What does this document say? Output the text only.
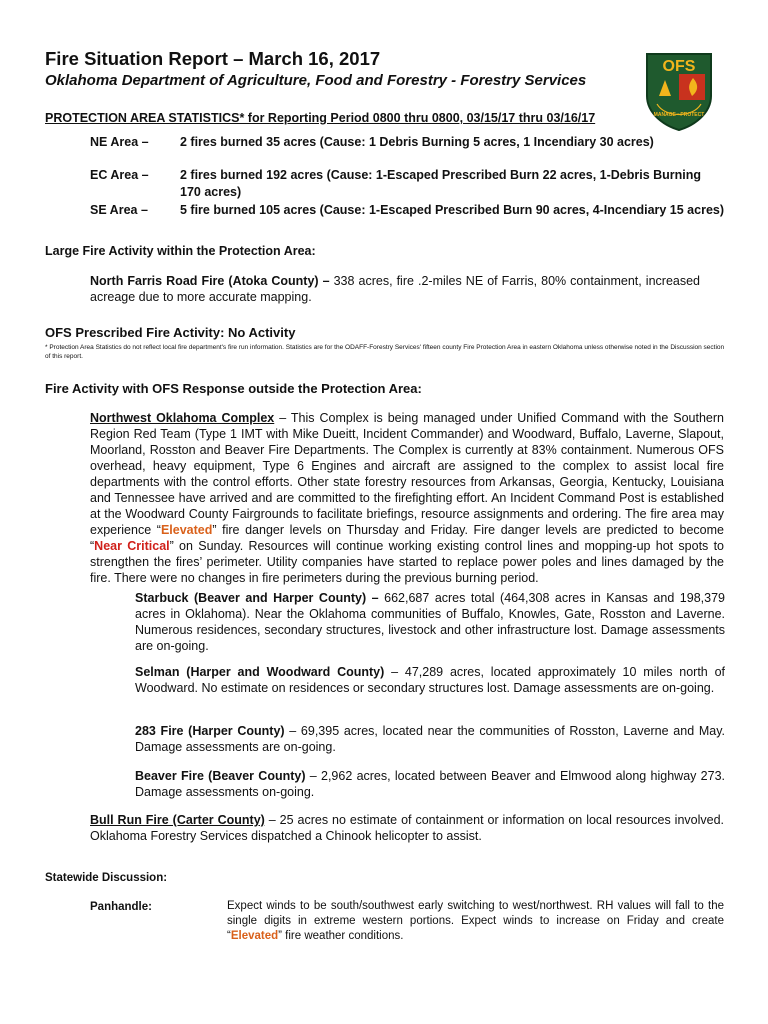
Fire Situation Report – March 16, 2017
Oklahoma Department of Agriculture, Food and Forestry - Forestry Services
OFS
MANAGE • PROTECT
PROTECTION AREA STATISTICS* for Reporting Period 0800 thru 0800, 03/15/17 thru 03/16/17
NE Area –	2 fires burned 35 acres (Cause: 1 Debris Burning 5 acres, 1 Incendiary 30 acres)
EC Area –	2 fires burned 192 acres (Cause: 1-Escaped Prescribed Burn 22 acres, 1-Debris Burning 170 acres)
SE Area –	5 fire burned 105 acres (Cause: 1-Escaped Prescribed Burn 90 acres, 4-Incendiary 15 acres)
Large Fire Activity within the Protection Area:
North Farris Road Fire (Atoka County) – 338 acres, fire .2-miles NE of Farris, 80% containment, increased acreage due to more accurate mapping.
OFS Prescribed Fire Activity: No Activity
* Protection Area Statistics do not reflect local fire department's fire run information. Statistics are for the ODAFF-Forestry Services' fifteen county Fire Protection Area in eastern Oklahoma unless otherwise noted in the Discussion section of this report.
Fire Activity with OFS Response outside the Protection Area:
Northwest Oklahoma Complex – This Complex is being managed under Unified Command with the Southern Region Red Team (Type 1 IMT with Mike Dueitt, Incident Commander) and Woodward, Buffalo, Laverne, Slapout, Moorland, Rosston and Beaver Fire Departments. The Complex is currently at 83% containment. Numerous OFS overhead, heavy equipment, Type 6 Engines and aircraft are assigned to the complex to assist local fire departments with the control efforts. Other state forestry resources from Arkansas, Georgia, Kentucky, Louisiana and Tennessee have arrived and are committed to the firefighting effort. An Incident Command Post is established at the Woodward County Fairgrounds to facilitate briefings, resource assignments and ordering. The fire area may experience “Elevated” fire danger levels on Thursday and Friday. Fire danger levels are predicted to become “Near Critical” on Sunday. Resources will continue working existing control lines and mopping-up hot spots to strengthen the fires’ perimeter. Utility companies have started to replace power poles and lines damaged by the fire. There were no changes in fire perimeters during the previous burning period.
Starbuck (Beaver and Harper County) – 662,687 acres total (464,308 acres in Kansas and 198,379 acres in Oklahoma). Near the Oklahoma communities of Buffalo, Knowles, Gate, Rosston and Laverne. Numerous residences, secondary structures, livestock and other infrastructure lost. Damage assessments are on-going.
Selman (Harper and Woodward County) – 47,289 acres, located approximately 10 miles north of Woodward. No estimate on residences or secondary structures lost. Damage assessments are on-going.
283 Fire (Harper County) – 69,395 acres, located near the communities of Rosston, Laverne and May. Damage assessments are on-going.
Beaver Fire (Beaver County) – 2,962 acres, located between Beaver and Elmwood along highway 273. Damage assessments on-going.
Bull Run Fire (Carter County) – 25 acres no estimate of containment or information on local resources involved. Oklahoma Forestry Services dispatched a Chinook helicopter to assist.
Statewide Discussion:
Panhandle:	Expect winds to be south/southwest early switching to west/northwest. RH values will fall to the single digits in extreme western portions. Expect winds to increase on Friday and create “Elevated” fire weather conditions.
